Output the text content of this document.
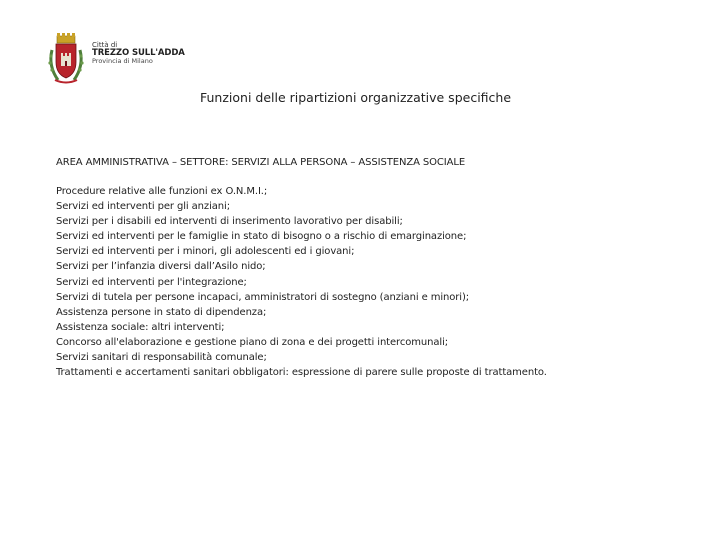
Città di
TREZZO SULL'ADDA
Provincia di Milano
Funzioni delle ripartizioni organizzative specifiche
AREA AMMINISTRATIVA – SETTORE: SERVIZI ALLA PERSONA – ASSISTENZA SOCIALE
Procedure relative alle funzioni ex O.N.M.I.;
Servizi ed interventi per gli anziani;
Servizi per i disabili ed interventi di inserimento lavorativo per disabili;
Servizi ed interventi per le famiglie in stato di bisogno o a rischio di emarginazione;
Servizi ed interventi per i minori, gli adolescenti ed i giovani;
Servizi per l’infanzia diversi dall’Asilo nido;
Servizi ed interventi per l'integrazione;
Servizi di tutela per persone incapaci, amministratori di sostegno (anziani e minori);
Assistenza persone in stato di dipendenza;
Assistenza sociale: altri interventi;
Concorso all'elaborazione e gestione piano di zona e dei progetti intercomunali;
Servizi sanitari di responsabilità comunale;
Trattamenti e accertamenti sanitari obbligatori: espressione di parere sulle proposte di trattamento.
